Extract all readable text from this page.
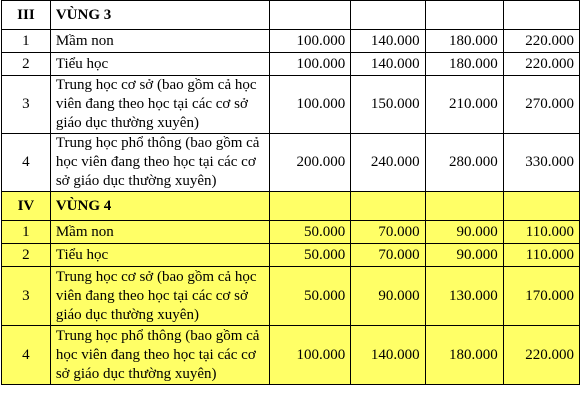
III	VÙNG 3				
1	Mầm non	100.000	140.000	180.000	220.000
2	Tiểu học	100.000	140.000	180.000	220.000
3	Trung học cơ sở (bao gồm cả học viên đang theo học tại các cơ sở giáo dục thường xuyên)	100.000	150.000	210.000	270.000
4	Trung học phổ thông (bao gồm cả học viên đang theo học tại các cơ sở giáo dục thường xuyên)	200.000	240.000	280.000	330.000
IV	VÙNG 4				
1	Mầm non	50.000	70.000	90.000	110.000
2	Tiểu học	50.000	70.000	90.000	110.000
3	Trung học cơ sở (bao gồm cả học viên đang theo học tại các cơ sở giáo dục thường xuyên)	50.000	90.000	130.000	170.000
4	Trung học phổ thông (bao gồm cả học viên đang theo học tại các cơ sở giáo dục thường xuyên)	100.000	140.000	180.000	220.000
